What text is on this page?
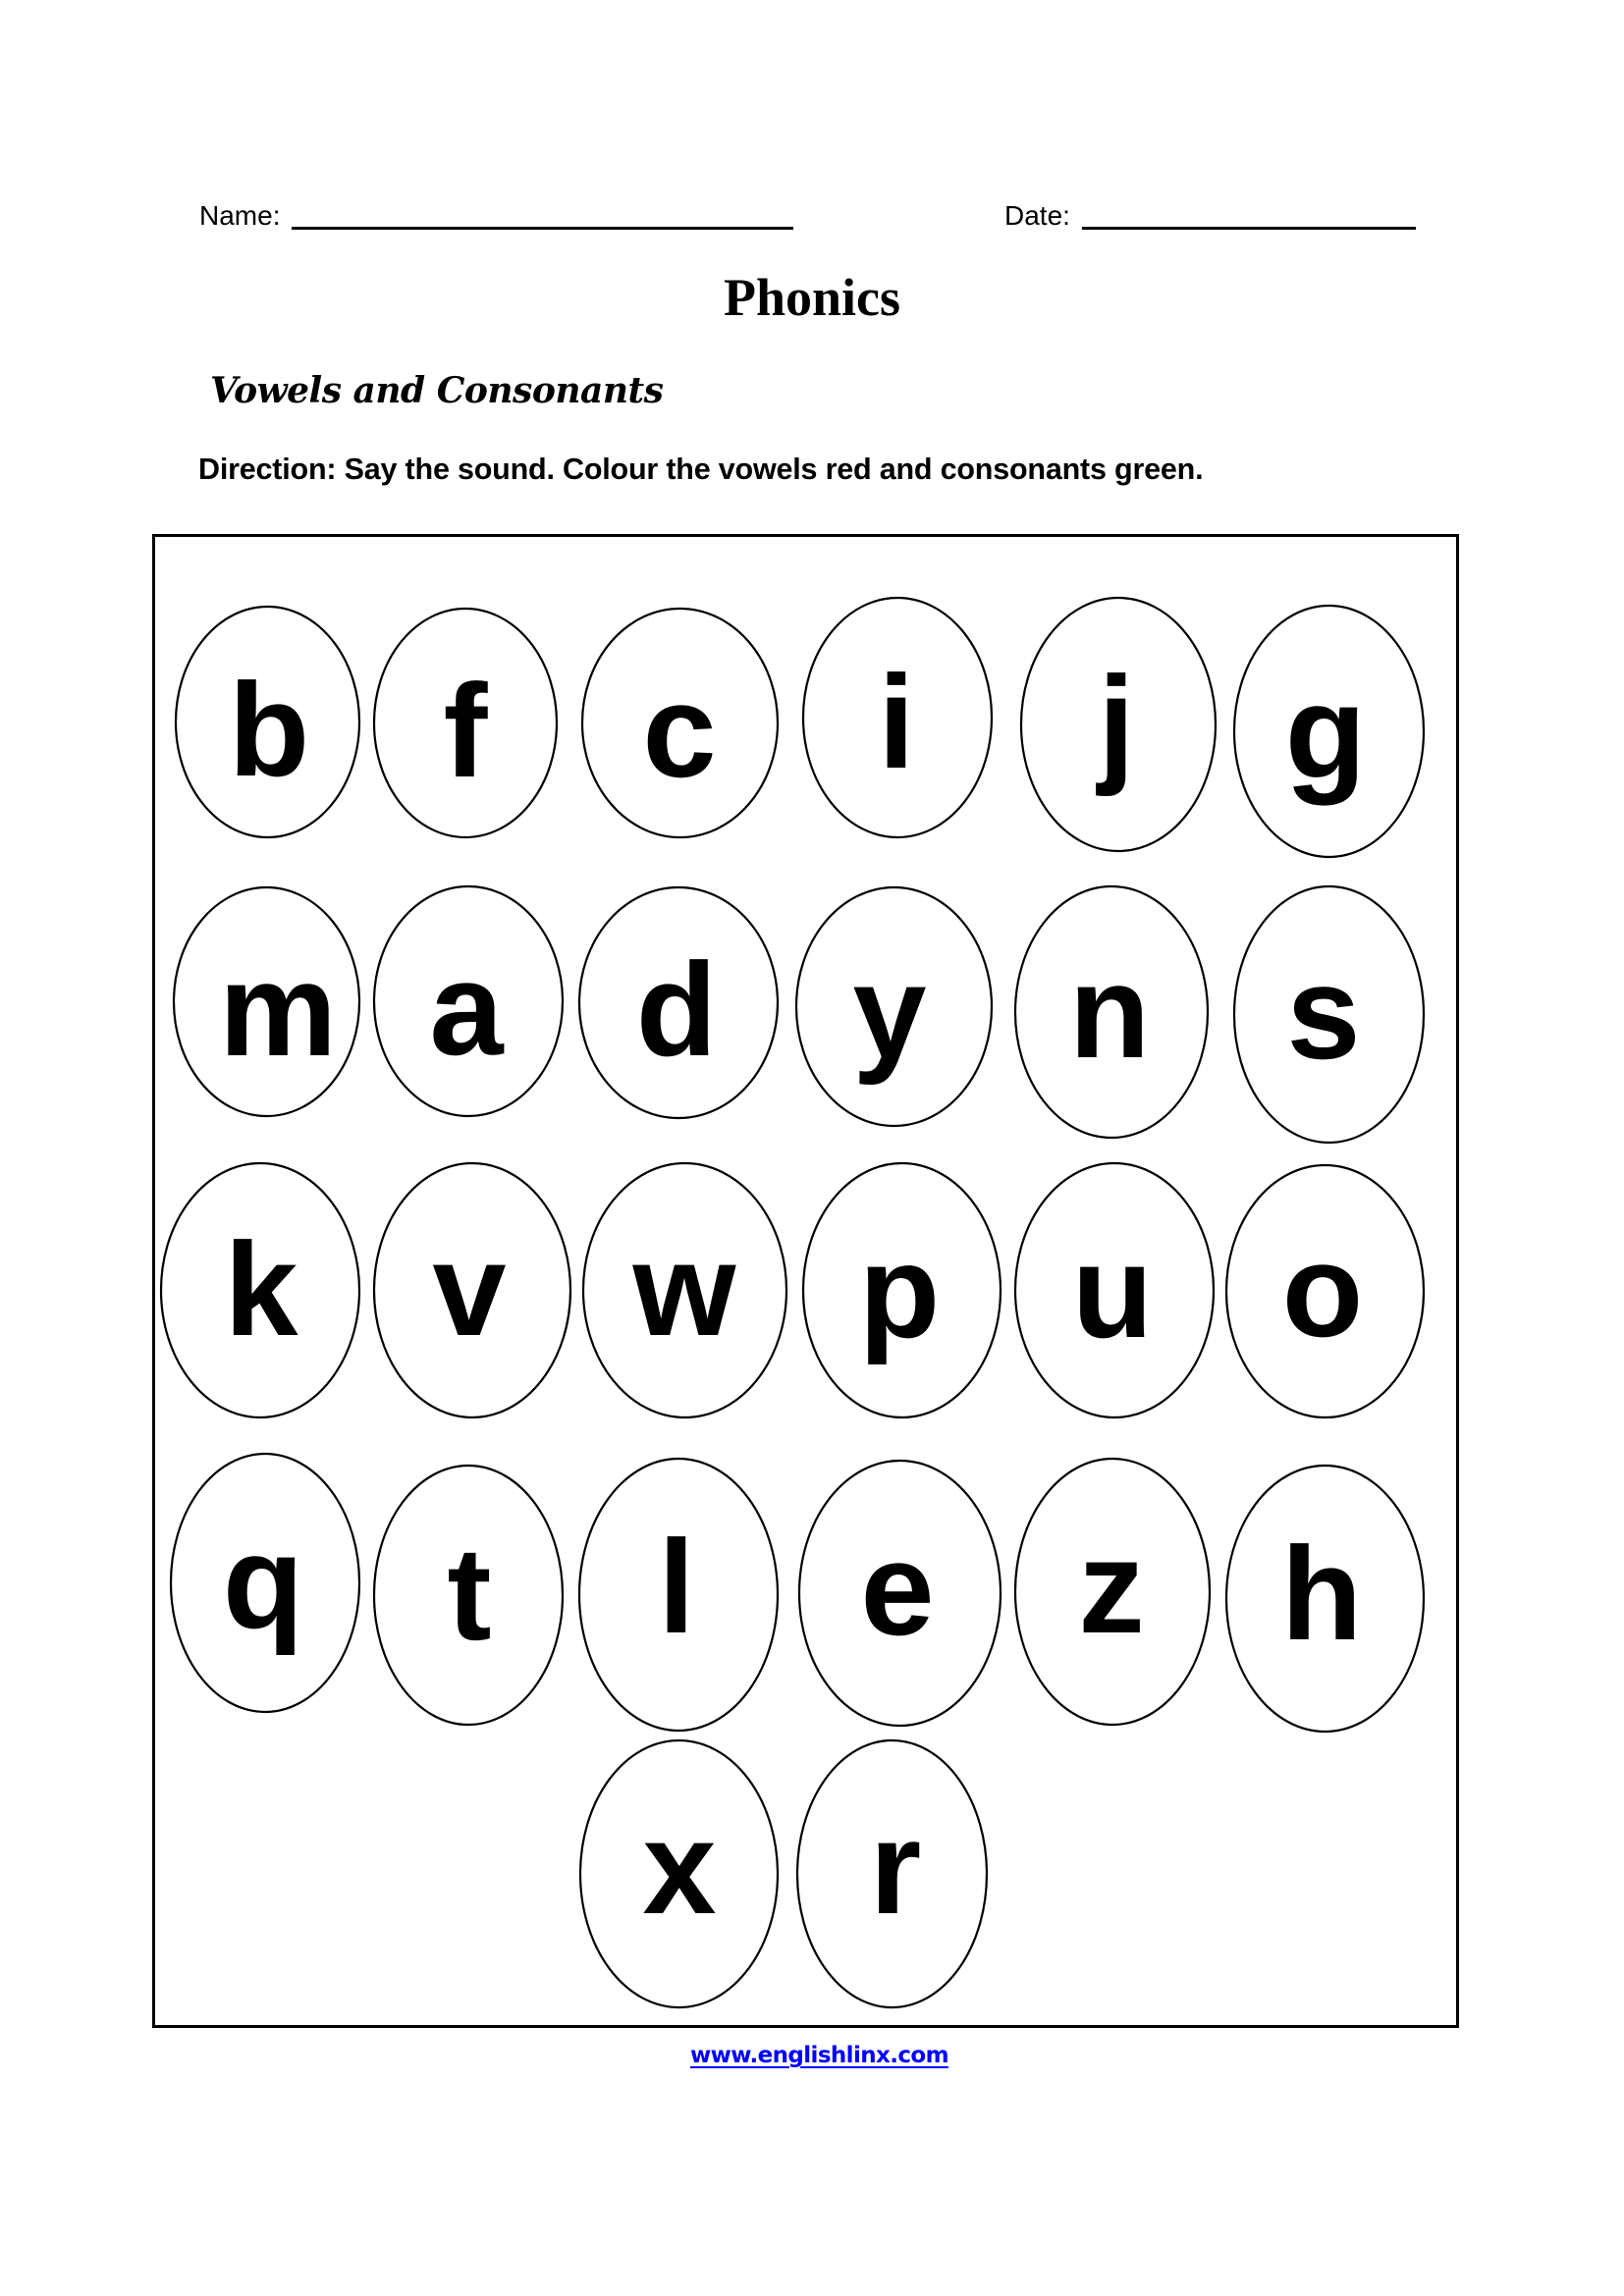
Name:	Date:
Phonics
Vowels and Consonants
Direction: Say the sound. Colour the vowels red and consonants green.
b f c i j g
m a d y n s
k v w p u o
q t l e z h
x r
www.englishlinx.com
